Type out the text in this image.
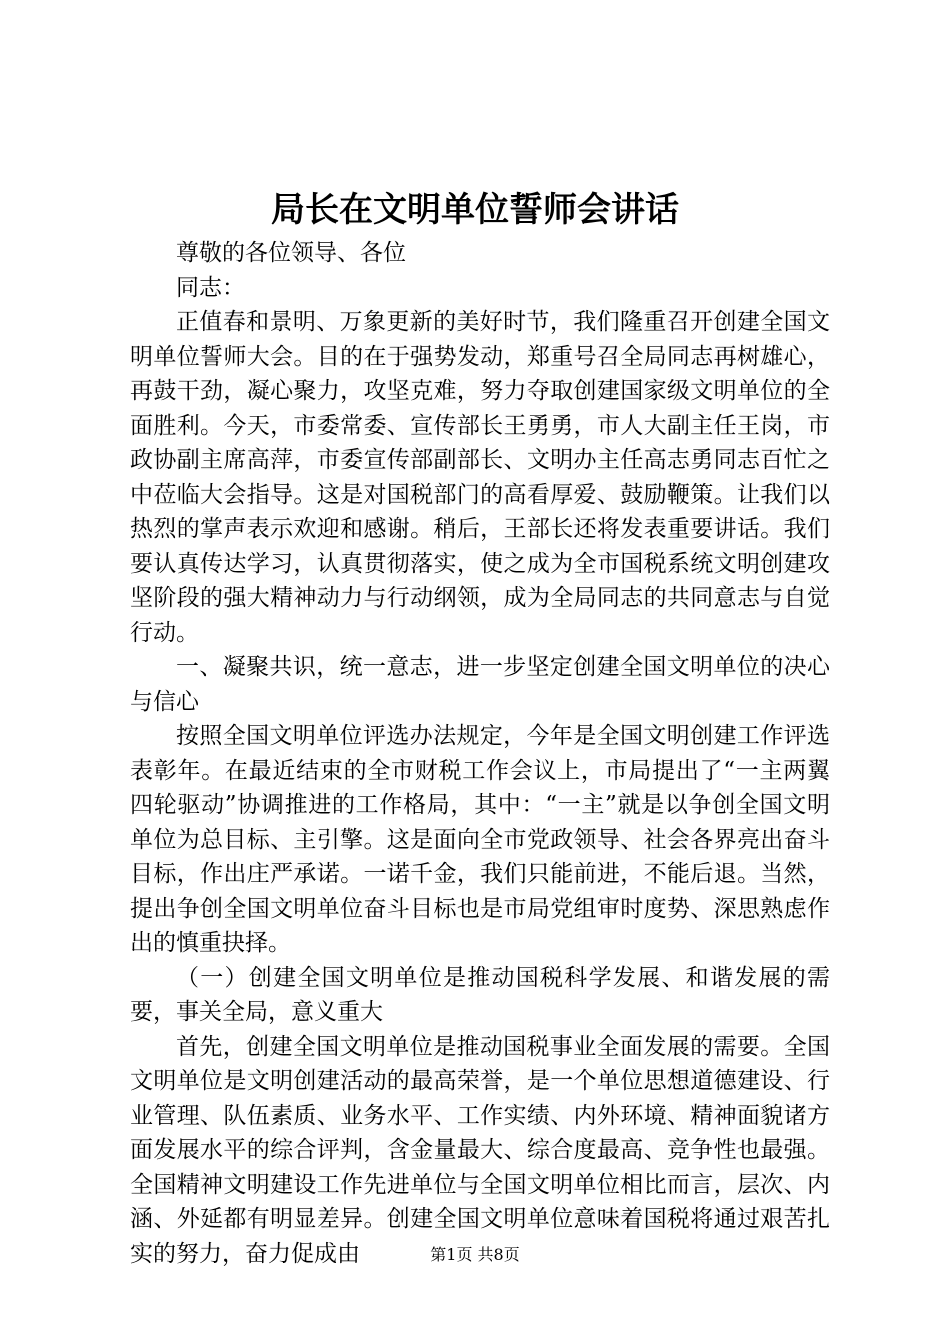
局长在文明单位誓师会讲话

尊敬的各位领导、各位

同志：

正值春和景明、万象更新的美好时节，我们隆重召开创建全国文明单位誓师大会。目的在于强势发动，郑重号召全局同志再树雄心，再鼓干劲，凝心聚力，攻坚克难，努力夺取创建国家级文明单位的全面胜利。今天，市委常委、宣传部长王勇勇，市人大副主任王岗，市政协副主席高萍，市委宣传部副部长、文明办主任高志勇同志百忙之中莅临大会指导。这是对国税部门的高看厚爱、鼓励鞭策。让我们以热烈的掌声表示欢迎和感谢。稍后，王部长还将发表重要讲话。我们要认真传达学习，认真贯彻落实，使之成为全市国税系统文明创建攻坚阶段的强大精神动力与行动纲领，成为全局同志的共同意志与自觉行动。

一、凝聚共识，统一意志，进一步坚定创建全国文明单位的决心与信心

按照全国文明单位评选办法规定，今年是全国文明创建工作评选表彰年。在最近结束的全市财税工作会议上，市局提出了“一主两翼四轮驱动”协调推进的工作格局，其中：“一主”就是以争创全国文明单位为总目标、主引擎。这是面向全市党政领导、社会各界亮出奋斗目标，作出庄严承诺。一诺千金，我们只能前进，不能后退。当然，提出争创全国文明单位奋斗目标也是市局党组审时度势、深思熟虑作出的慎重抉择。

（一）创建全国文明单位是推动国税科学发展、和谐发展的需要，事关全局，意义重大

首先，创建全国文明单位是推动国税事业全面发展的需要。全国文明单位是文明创建活动的最高荣誉，是一个单位思想道德建设、行业管理、队伍素质、业务水平、工作实绩、内外环境、精神面貌诸方面发展水平的综合评判，含金量最大、综合度最高、竞争性也最强。全国精神文明建设工作先进单位与全国文明单位相比而言，层次、内涵、外延都有明显差异。创建全国文明单位意味着国税将通过艰苦扎实的努力，奋力促成由	第1页 共8页
